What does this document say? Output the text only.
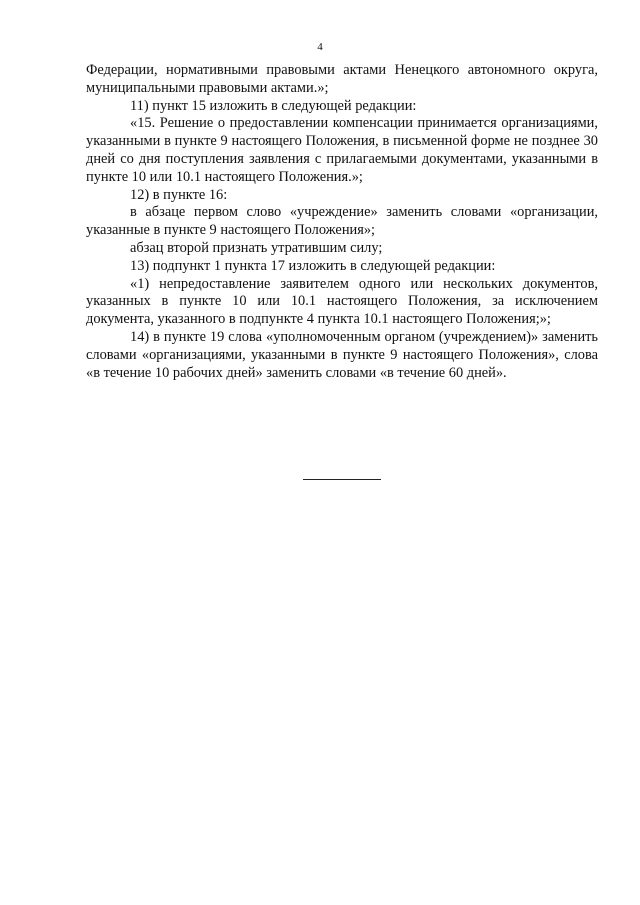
4

Федерации, нормативными правовыми актами Ненецкого автономного округа, муниципальными правовыми актами.»;

11) пункт 15 изложить в следующей редакции:

«15. Решение о предоставлении компенсации принимается организациями, указанными в пункте 9 настоящего Положения, в письменной форме не позднее 30 дней со дня поступления заявления с прилагаемыми документами, указанными в пункте 10 или 10.1 настоящего Положения.»;

12) в пункте 16:

в абзаце первом слово «учреждение» заменить словами «организации, указанные в пункте 9 настоящего Положения»;

абзац второй признать утратившим силу;

13) подпункт 1 пункта 17 изложить в следующей редакции:

«1) непредоставление заявителем одного или нескольких документов, указанных в пункте 10 или 10.1 настоящего Положения, за исключением документа, указанного в подпункте 4 пункта 10.1 настоящего Положения;»;

14) в пункте 19 слова «уполномоченным органом (учреждением)» заменить словами «организациями, указанными в пункте 9 настоящего Положения», слова «в течение 10 рабочих дней» заменить словами «в течение 60 дней».
